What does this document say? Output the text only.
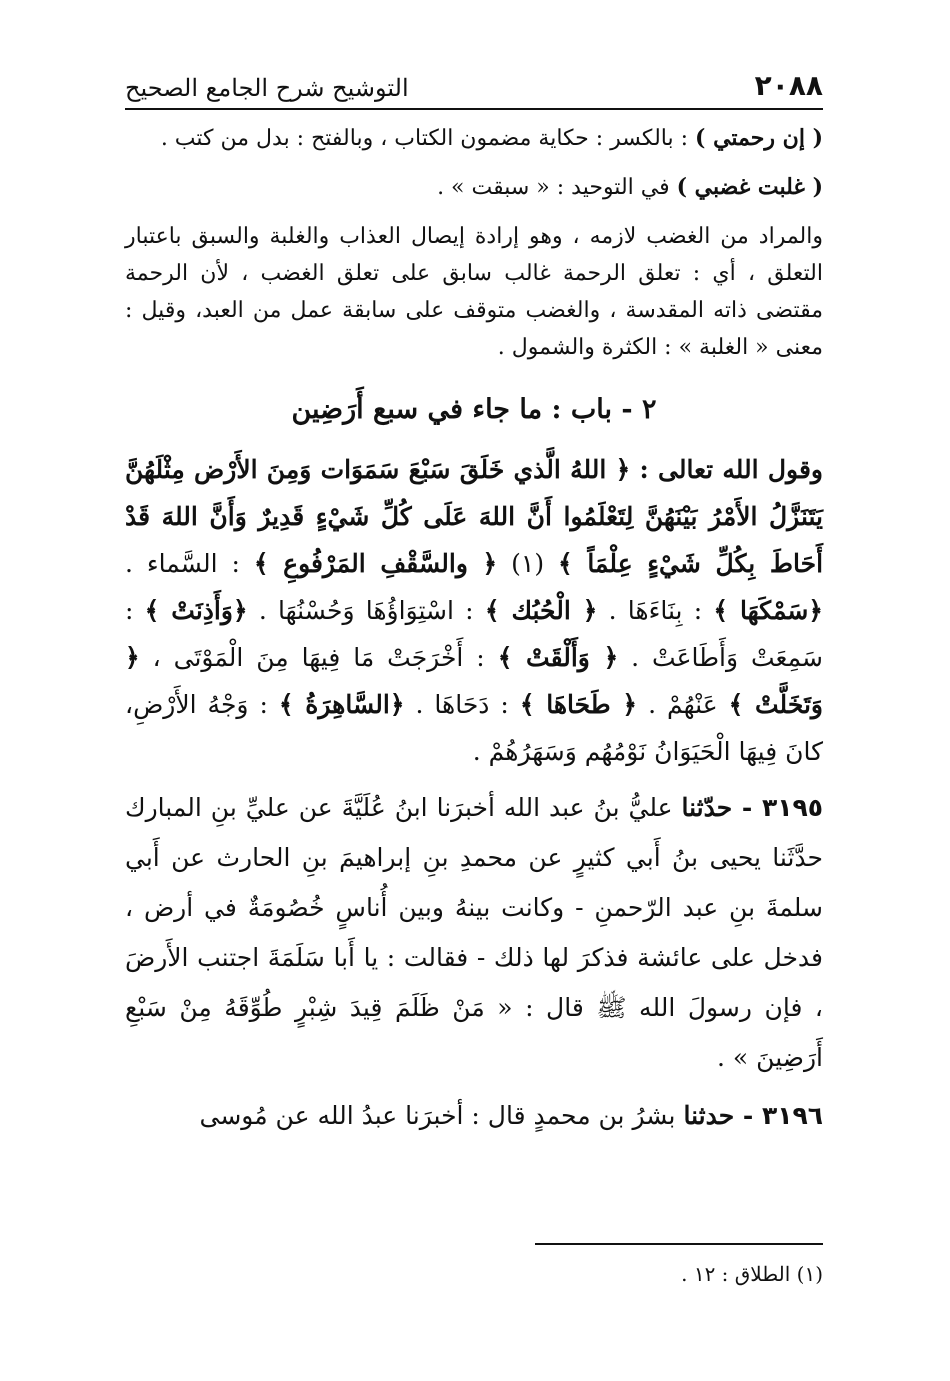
٢٠٨٨
التوشيح شرح الجامع الصحيح

( إن رحمتي ) : بالكسر : حكاية مضمون الكتاب ، وبالفتح : بدل من كتب .

( غلبت غضبي ) في التوحيد : « سبقت » .

والمراد من الغضب لازمه ، وهو إرادة إيصال العذاب والغلبة والسبق باعتبار التعلق ، أي : تعلق الرحمة غالب سابق على تعلق الغضب ، لأن الرحمة مقتضى ذاته المقدسة ، والغضب متوقف على سابقة عمل من العبد، وقيل : معنى « الغلبة » : الكثرة والشمول .

٢ - باب : ما جاء في سبع أَرَضِين

وقول الله تعالى : ﴿ اللهُ الَّذي خَلَقَ سَبْعَ سَمَوَات وَمِنَ الأَرْض مِثْلَهُنَّ يَتَنَزَّلُ الأَمْرُ بَيْنَهُنَّ لِتَعْلَمُوا أَنَّ اللهَ عَلَى كُلِّ شَيْءٍ قَدِيرٌ وَأَنَّ اللهَ قَدْ أَحَاطَ بِكُلِّ شَيْءٍ عِلْمَاً ﴾ (١) ﴿ والسَّقْفِ المَرْفُوعِ ﴾ : السَّماء . ﴿سَمْكَهَا ﴾ : بِنَاءَهَا . ﴿ الْحُبُك ﴾ : اسْتِوَاؤُهَا وَحُسْنُهَا . ﴿وَأَذِنَتْ ﴾ : سَمِعَتْ وَأَطَاعَتْ . ﴿ وَأَلْقَتْ ﴾ : أَخْرَجَتْ مَا فِيهَا مِنَ الْمَوْتَى ، ﴿ وَتَخَلَّتْ ﴾ عَنْهُمْ . ﴿ طَحَاهَا ﴾ : دَحَاهَا . ﴿السَّاهِرَةُ ﴾ : وَجْهُ الأَرْضِ، كانَ فِيهَا الْحَيَوَانُ نَوْمُهُم وَسَهَرُهُمْ .

٣١٩٥ - حدّثنا عليُّ بنُ عبد الله أخبرَنا ابنُ عُلَيَّةَ عن عليِّ بنِ المبارك حدَّثَنا يحيى بنُ أَبي كثيرٍ عن محمدِ بنِ إبراهيمَ بنِ الحارث عن أَبي سلمةَ بنِ عبد الرّحمنِ - وكانت بينهُ وبين أُناسٍ خُصُومَةٌ في أرض ، فدخل على عائشة فذكرَ لها ذلك - فقالت : يا أَبا سَلَمَةَ اجتنب الأَرضَ ، فإن رسولَ الله ﷺ قال : « مَنْ ظَلَمَ قِيدَ شِبْرٍ طُوِّقَهُ مِنْ سَبْعِ أَرَضِينَ » .

٣١٩٦ - حدثنا بشرُ بن محمدٍ قال : أخبرَنا عبدُ الله عن مُوسى

(١) الطلاق : ١٢ .
